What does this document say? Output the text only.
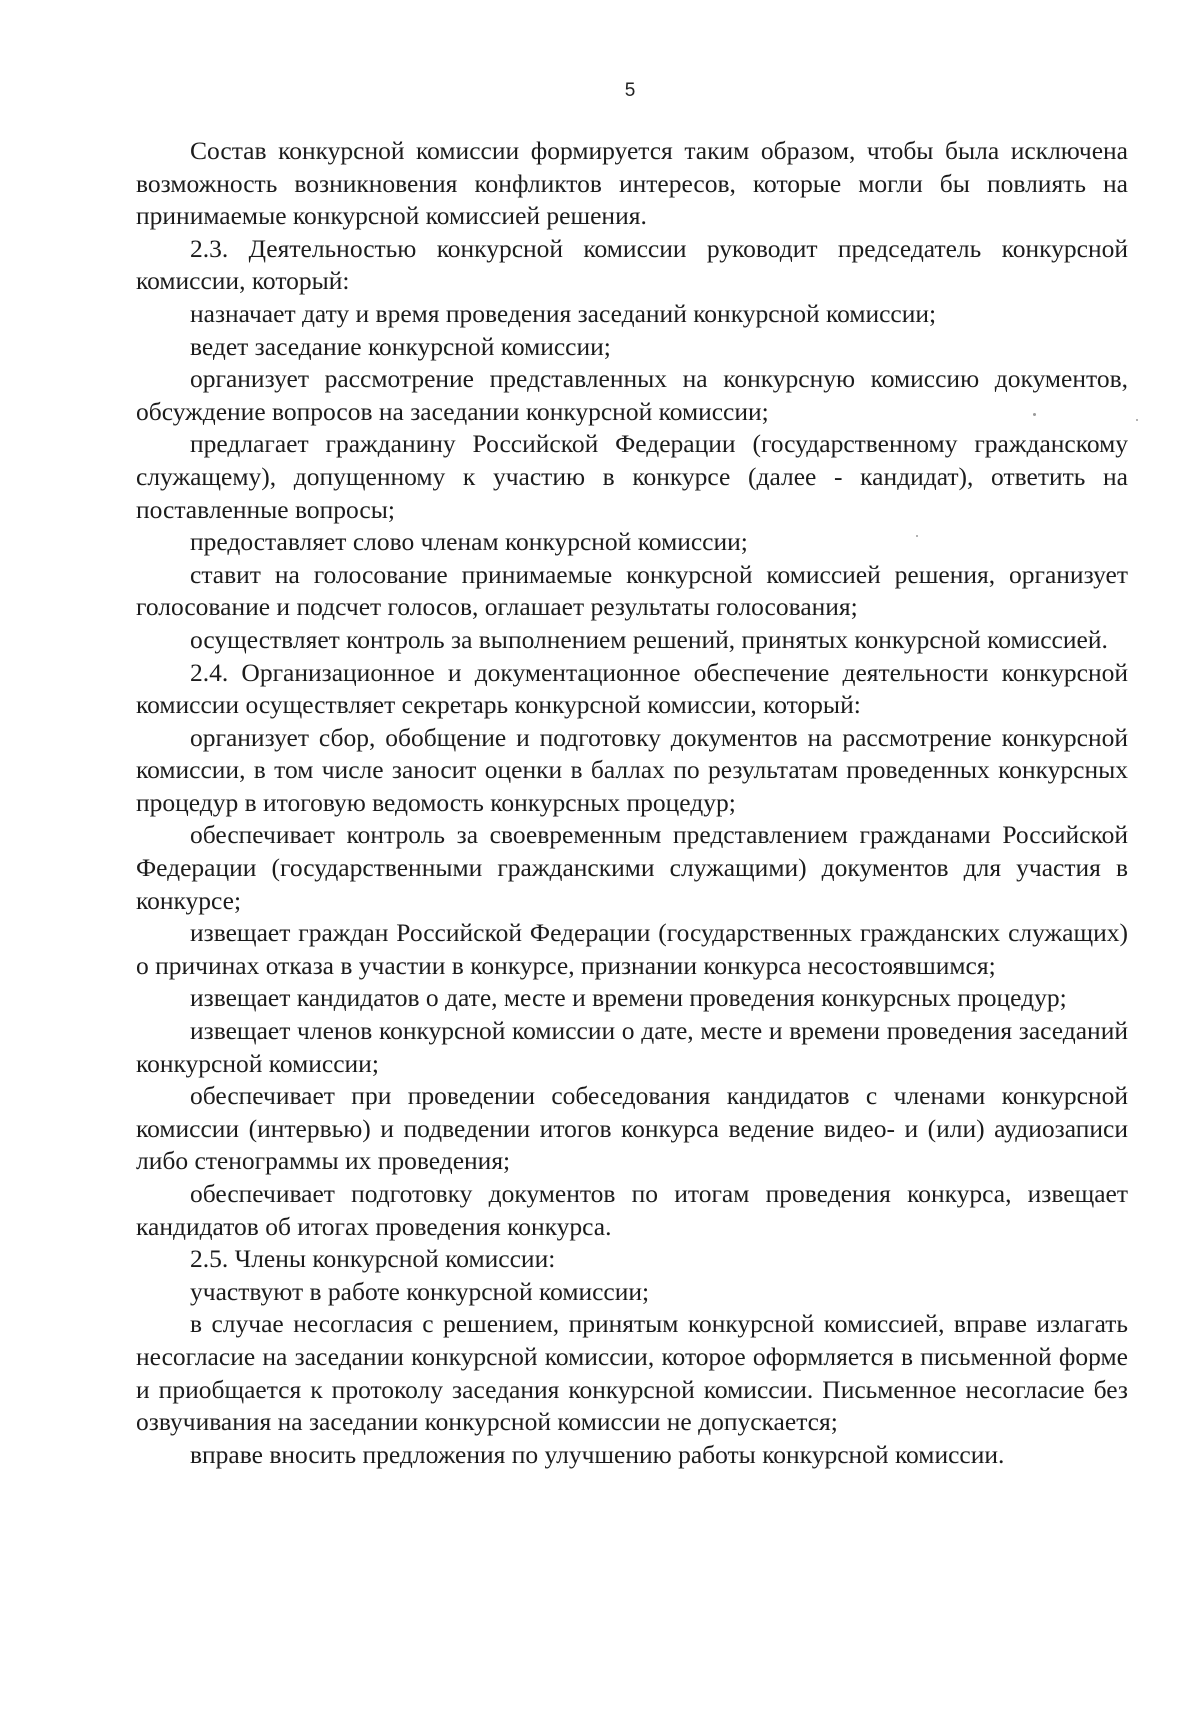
5

Состав конкурсной комиссии формируется таким образом, чтобы была исключена возможность возникновения конфликтов интересов, которые могли бы повлиять на принимаемые конкурсной комиссией решения.

2.3. Деятельностью конкурсной комиссии руководит председатель конкурсной комиссии, который:

назначает дату и время проведения заседаний конкурсной комиссии;

ведет заседание конкурсной комиссии;

организует рассмотрение представленных на конкурсную комиссию документов, обсуждение вопросов на заседании конкурсной комиссии;

предлагает гражданину Российской Федерации (государственному гражданскому служащему), допущенному к участию в конкурсе (далее - кандидат), ответить на поставленные вопросы;

предоставляет слово членам конкурсной комиссии;

ставит на голосование принимаемые конкурсной комиссией решения, организует голосование и подсчет голосов, оглашает результаты голосования;

осуществляет контроль за выполнением решений, принятых конкурсной комиссией.

2.4. Организационное и документационное обеспечение деятельности конкурсной комиссии осуществляет секретарь конкурсной комиссии, который:

организует сбор, обобщение и подготовку документов на рассмотрение конкурсной комиссии, в том числе заносит оценки в баллах по результатам проведенных конкурсных процедур в итоговую ведомость конкурсных процедур;

обеспечивает контроль за своевременным представлением гражданами Российской Федерации (государственными гражданскими служащими) документов для участия в конкурсе;

извещает граждан Российской Федерации (государственных гражданских служащих) о причинах отказа в участии в конкурсе, признании конкурса несостоявшимся;

извещает кандидатов о дате, месте и времени проведения конкурсных процедур;

извещает членов конкурсной комиссии о дате, месте и времени проведения заседаний конкурсной комиссии;

обеспечивает при проведении собеседования кандидатов с членами конкурсной комиссии (интервью) и подведении итогов конкурса ведение видео- и (или) аудиозаписи либо стенограммы их проведения;

обеспечивает подготовку документов по итогам проведения конкурса, извещает кандидатов об итогах проведения конкурса.

2.5. Члены конкурсной комиссии:

участвуют в работе конкурсной комиссии;

в случае несогласия с решением, принятым конкурсной комиссией, вправе излагать несогласие на заседании конкурсной комиссии, которое оформляется в письменной форме и приобщается к протоколу заседания конкурсной комиссии. Письменное несогласие без озвучивания на заседании конкурсной комиссии не допускается;

вправе вносить предложения по улучшению работы конкурсной комиссии.
